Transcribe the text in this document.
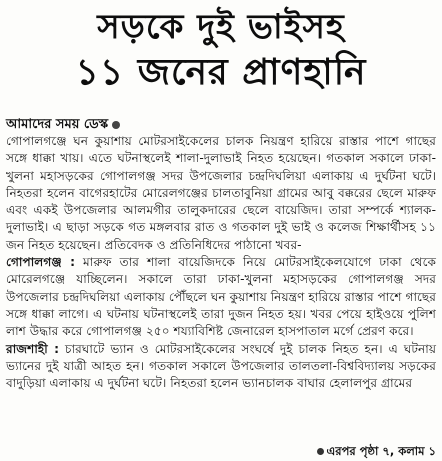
সড়কে দুই ভাইসহ
১১ জনের প্রাণহানি
আমাদের সময় ডেস্ক

গোপালগঞ্জে ঘন কুয়াশায় মোটরসাইকেলের চালক নিয়ন্ত্রণ হারিয়ে রাস্তার পাশে গাছের সঙ্গে ধাক্কা খায়। এতে ঘটনাস্থলেই শালা-দুলাভাই নিহত হয়েছেন। গতকাল সকালে ঢাকা-খুলনা মহাসড়কের গোপালগঞ্জ সদর উপজেলার চন্দ্রদিঘলিয়া এলাকায় এ দুর্ঘটনা ঘটে। নিহতরা হলেন বাগেরহাটের মোরেলগঞ্জের চালতাবুনিয়া গ্রামের আবু বক্করের ছেলে মারুফ এবং একই উপজেলার আলমগীর তালুকদারের ছেলে বায়েজিদ। তারা সম্পর্কে শ্যালক-দুলাভাই। এ ছাড়া সড়কে গত মঙ্গলবার রাত ও গতকাল দুই ভাই ও কলেজ শিক্ষার্থীসহ ১১ জন নিহত হয়েছেন। প্রতিবেদক ও প্রতিনিধিদের পাঠানো খবর-

গোপালগঞ্জ : মারুফ তার শালা বায়েজিদকে নিয়ে মোটরসাইকেলযোগে ঢাকা থেকে মোরেলগঞ্জে যাচ্ছিলেন। সকালে তারা ঢাকা-খুলনা মহাসড়কের গোপালগঞ্জ সদর উপজেলার চন্দ্রদিঘলিয়া এলাকায় পৌঁছলে ঘন কুয়াশায় নিয়ন্ত্রণ হারিয়ে রাস্তার পাশে গাছের সঙ্গে ধাক্কা লাগে। এ ঘটনায় ঘটনাস্থলেই তারা দুজন নিহত হয়। খবর পেয়ে হাইওয়ে পুলিশ লাশ উদ্ধার করে গোপালগঞ্জ ২৫০ শয্যাবিশিষ্ট জেনারেল হাসপাতাল মর্গে প্রেরণ করে।

রাজশাহী : চারঘাটে ভ্যান ও মোটরসাইকেলের সংঘর্ষে দুই চালক নিহত হন। এ ঘটনায় ভ্যানের দুই যাত্রী আহত হন। গতকাল সকালে উপজেলার তালতলা-বিশ্ববিদ্যালয় সড়কের বাদুড়িয়া এলাকায় এ দুর্ঘটনা ঘটে। নিহতরা হলেন ভ্যানচালক বাঘার হেলালপুর গ্রামের

এরপর পৃষ্ঠা ৭, কলাম ১
